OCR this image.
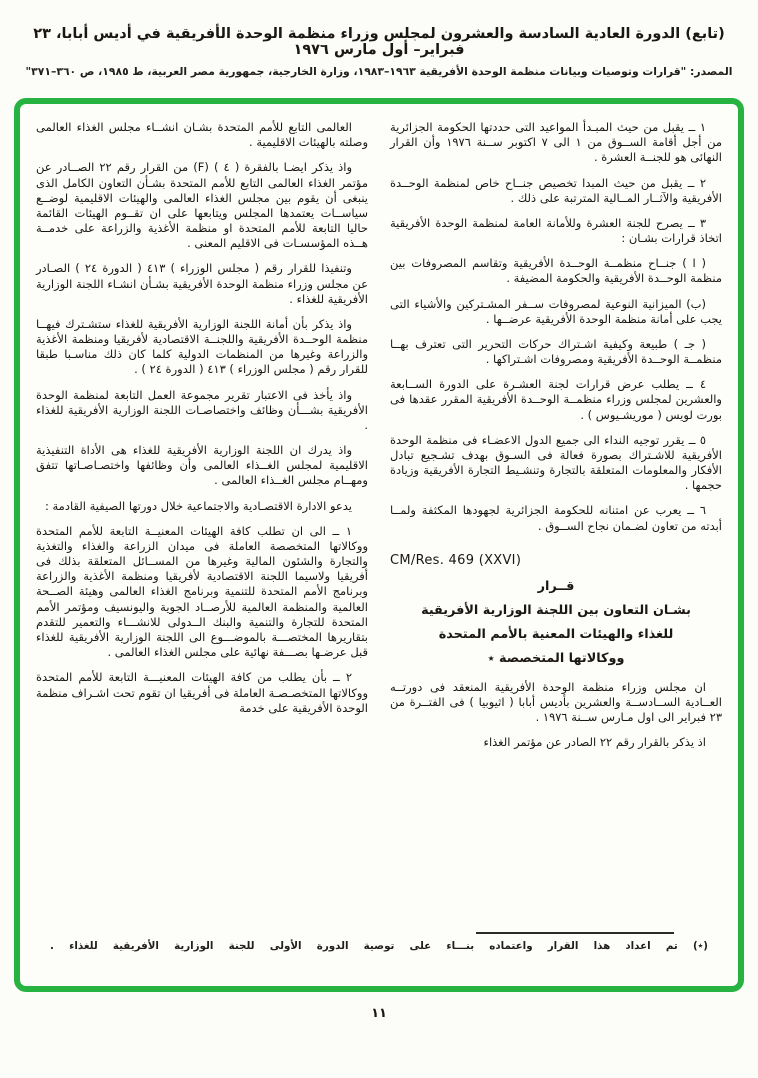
(تابع) الدورة العادية السادسة والعشرون لمجلس وزراء منظمة الوحدة الأفريقية في أديس أبابا، ٢٣ فبراير– أول مارس ١٩٧٦
المصدر: "قرارات وتوصيات وبيانات منظمة الوحدة الأفريقية ١٩٦٣–١٩٨٣، وزارة الخارجية، جمهورية مصر العربية، ط ١٩٨٥، ص ٣٦٠–٣٧١"

١ ــ يقبل من حيث المبـدأ المواعيد التى حددتها الحكومة الجزائرية من أجل أقامة الســوق من ١ الى ٧ اكتوبر ســنة ١٩٧٦ وأن القرار النهائى هو للجنــة العشرة .

٢ ــ يقبل من حيث المبدا تخصيص جنــاح خاص لمنظمة الوحــدة الأفريقية والآثــار المــالية المترتبة على ذلك .

٣ ــ يصرح للجنة العشرة وللأمانة العامة لمنظمة الوحدة الأفريقية اتخاذ قرارات بشـان :

( ا ) جنــاح منظمــة الوحــدة الأفريقية وتقاسم المصروفات بين منظمة الوحــدة الأفريقية والحكومة المضيفة .

(ب) الميزانية النوعية لمصروفات ســفر المشـتركين والأشياء التى يجب على أمانة منظمة الوحدة الأفريقية عرضــها .

( جـ ) طبيعة وكيفية اشـتراك حركات التحرير التى تعترف بهــا منظمــة الوحــدة الأفريقية ومصروفات اشـتراكها .

٤ ــ يطلب عرض قرارات لجنة العشـرة على الدورة الســابعة والعشرين لمجلس وزراء منظمــة الوحــدة الأفريقية المقرر عقدها فى بورت لويس ( موريشـيوس ) .

٥ ــ يقرر توجيه النداء الى جميع الدول الاعضـاء فى منظمة الوحدة الأفريقية للاشـتراك بصورة فعالة فى السـوق بهدف تشـجيع تبادل الأفكار والمعلومات المتعلقة بالتجارة وتنشـيط التجارة الأفريقية وزيادة حجمها .

٦ ــ يعرب عن امتنانه للحكومة الجزائرية لجهودها المكثفة ولمــا أبدته من تعاون لضـمان نجاح الســوق .

CM/Res. 469 (XXVI)
قــرار
بشـان التعاون بين اللجنة الوزارية الأفريقية
للغذاء والهيئات المعنية بالأمم المتحدة
ووكالاتها المتخصصة ٭

ان مجلس وزراء منظمة الوحدة الأفريقية المنعقد فى دورتــه العــادية الســادســة والعشرين بأديس أبابا ( اثيوبيا ) فى الفتــرة من ٢٣ فبراير الى اول مـارس ســنة ١٩٧٦ .

اذ يذكر بالقرار رقم ٢٢ الصادر عن مؤتمر الغذاء

العالمى التابع للأمم المتحدة بشـان انشــاء مجلس الغذاء العالمى وصلته بالهيئات الاقليمية .

واذ يذكر ايضـا بالفقرة ( ٤ ) (F) من القرار رقم ٢٢ الصــادر عن مؤتمر الغذاء العالمى التابع للأمم المتحدة بشـأن التعاون الكامل الذى ينبغى أن يقوم بين مجلس الغذاء العالمى والهيئات الاقليمية لوضــع سياســات يعتمدها المجلس ويتابعها على ان تقــوم الهيئات القائمة حاليا التابعة للأمم المتحدة او منظمة الأغذية والزراعة على خدمــة هــذه المؤسسـات فى الاقليم المعنى .

وتنفيذا للقرار رقم ( مجلس الوزراء ) ٤١٣ ( الدورة ٢٤ ) الصـادر عن مجلس وزراء منظمة الوحدة الأفريقية بشـأن انشـاء اللجنة الوزارية الأفريقية للغذاء .

واذ يذكر بأن أمانة اللجنة الوزارية الأفريقية للغذاء ستشـترك فيهــا منظمة الوحــدة الأفريقية واللجنــة الاقتصادية لأفريقيا ومنظمة الأغذية والزراعة وغيرها من المنظمات الدولية كلما كان ذلك مناسـبا طبقا للقرار رقم ( مجلس الوزراء ) ٤١٣ ( الدورة ٢٤ ) .

واذ يأخذ فى الاعتبار تقرير مجموعة العمل التابعة لمنظمة الوحدة الأفريقية بشـــأن وظائف واختصاصـات اللجنة الوزارية الأفريقية للغذاء .

واذ يدرك ان اللجنة الوزارية الأفريقية للغذاء هى الأداة التنفيذية الاقليمية لمجلس الغــذاء العالمى وأن وظائفها واختصـاصـاتها تتفق ومهــام مجلس الغــذاء العالمى .

يدعو الادارة الاقتصـادية والاجتماعية خلال دورتها الصيفية القادمة :

١ ــ الى ان تطلب كافة الهيئات المعنيــة التابعة للأمم المتحدة ووكالاتها المتخصصة العاملة فى ميدان الزراعة والغذاء والتغذية والتجارة والشئون المالية وغيرها من المســائل المتعلقة بذلك فى أفريقيا ولاسيما اللجنة الاقتصادية لأفريقيا ومنظمة الأغذية والزراعة وبرنامج الأمم المتحدة للتنمية وبرنامج الغذاء العالمى وهيئة الصــحة العالمية والمنظمة العالمية للأرصــاد الجوية واليونسيف ومؤتمر الأمم المتحدة للتجارة والتنمية والبنك الــدولى للانشـــاء والتعمير للتقدم بتقاريرها المختصـــة بالموضـــوع الى اللجنة الوزارية الأفريقية للغذاء قبل عرضـها بصـــفة نهائية على مجلس الغذاء العالمى .

٢ ــ بأن يطلب من كافة الهيئات المعنيـــة التابعة للأمم المتحدة ووكالاتها المتخصـصـة العاملة فى أفريقيا ان تقوم تحت اشـراف منظمة الوحدة الأفريقية على خدمة

(٭) تم اعداد هذا القرار واعتماده بنـــاء على توصية الدورة الأولى للجنة الوزارية الأفريقية للغذاء .
١١
